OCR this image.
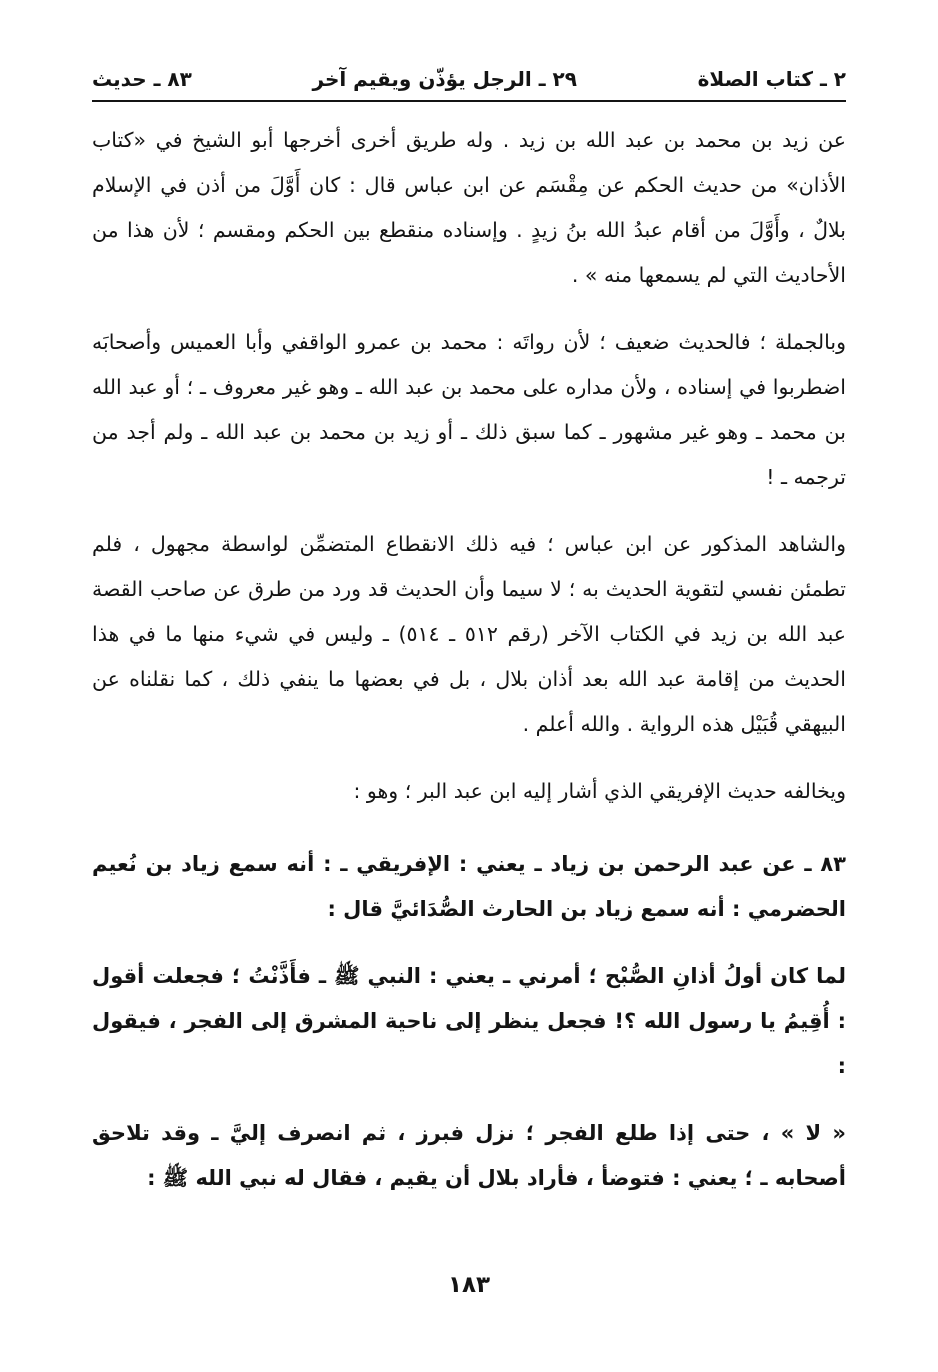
٢ ـ كتاب الصلاة
٢٩ ـ الرجل يؤذّن ويقيم آخر
٨٣ ـ حديث

عن زيد بن محمد بن عبد الله بن زيد . وله طريق أخرى أخرجها أبو الشيخ في «كتاب الأذان» من حديث الحكم عن مِقْسَم عن ابن عباس قال : كان أَوَّلَ من أذن في الإسلام بلالٌ ، وأَوَّلَ من أقام عبدُ الله بنُ زيدٍ . وإسناده منقطع بين الحكم ومقسم ؛ لأن هذا من الأحاديث التي لم يسمعها منه » .

وبالجملة ؛ فالحديث ضعيف ؛ لأن رواتَه : محمد بن عمرو الواقفي وأبا العميس وأصحابَه اضطربوا في إسناده ، ولأن مداره على محمد بن عبد الله ـ وهو غير معروف ـ ؛ أو عبد الله بن محمد ـ وهو غير مشهور ـ كما سبق ذلك ـ أو زيد بن محمد بن عبد الله ـ ولم أجد من ترجمه ـ !

والشاهد المذكور عن ابن عباس ؛ فيه ذلك الانقطاع المتضمِّن لواسطة مجهول ، فلم تطمئن نفسي لتقوية الحديث به ؛ لا سيما وأن الحديث قد ورد من طرق عن صاحب القصة عبد الله بن زيد في الكتاب الآخر (رقم ٥١٢ ـ ٥١٤) ـ وليس في شيء منها ما في هذا الحديث من إقامة عبد الله بعد أذان بلال ، بل في بعضها ما ينفي ذلك ، كما نقلناه عن البيهقي قُبَيْل هذه الرواية . والله أعلم .

ويخالفه حديث الإفريقي الذي أشار إليه ابن عبد البر ؛ وهو :

٨٣ ـ عن عبد الرحمن بن زياد ـ يعني : الإفريقي ـ : أنه سمع زياد بن نُعيم الحضرمي : أنه سمع زياد بن الحارث الصُّدَائيَّ قال :

لما كان أولُ أذانِ الصُّبْح ؛ أمرني ـ يعني : النبي ﷺ ـ فأَذَّنْتُ ؛ فجعلت أقول : أُقِيمُ يا رسول الله ؟! فجعل ينظر إلى ناحية المشرق إلى الفجر ، فيقول :

« لا » ، حتى إذا طلع الفجر ؛ نزل فبرز ، ثم انصرف إليَّ ـ وقد تلاحق أصحابه ـ ؛ يعني : فتوضأ ، فأراد بلال أن يقيم ، فقال له نبي الله ﷺ :

١٨٣
